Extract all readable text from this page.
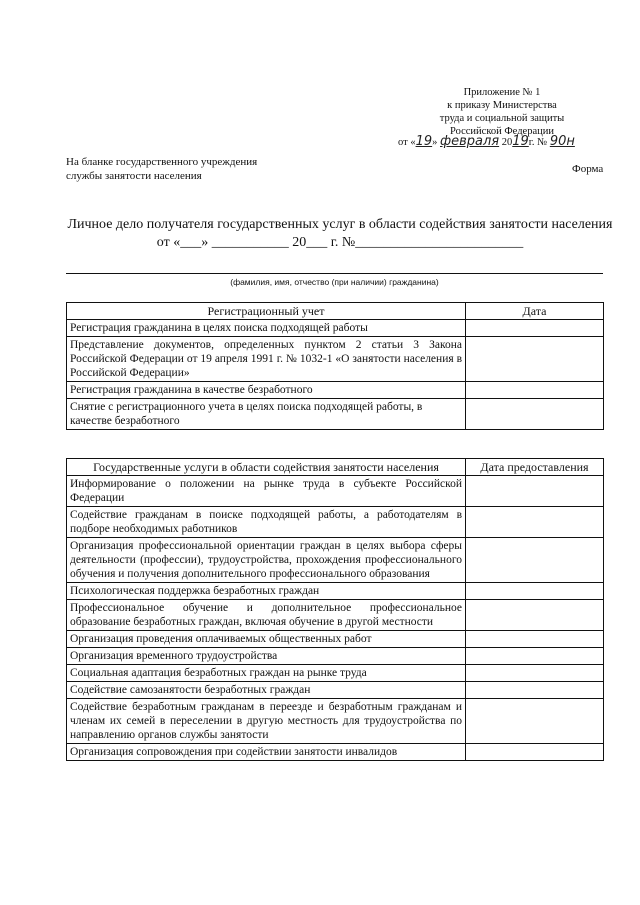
Приложение № 1
к приказу Министерства
труда и социальной защиты
Российской Федерации
от «19» февраля 2019г. № 90н
На бланке государственного учреждения службы занятости населения
Форма
Личное дело получателя государственных услуг в области содействия занятости населения
от «___» ___________ 20___ г. №________________________
(фамилия, имя, отчество (при наличии) гражданина)
Регистрационный учет	Дата
Регистрация гражданина в целях поиска подходящей работы	
Представление документов, определенных пунктом 2 статьи 3 Закона Российской Федерации от 19 апреля 1991 г. № 1032-1 «О занятости населения в Российской Федерации»	
Регистрация гражданина в качестве безработного	
Снятие с регистрационного учета в целях поиска подходящей работы, в качестве безработного	
Государственные услуги в области содействия занятости населения	Дата предоставления
Информирование о положении на рынке труда в субъекте Российской Федерации	
Содействие гражданам в поиске подходящей работы, а работодателям в подборе необходимых работников	
Организация профессиональной ориентации граждан в целях выбора сферы деятельности (профессии), трудоустройства, прохождения профессионального обучения и получения дополнительного профессионального образования	
Психологическая поддержка безработных граждан	
Профессиональное обучение и дополнительное профессиональное образование безработных граждан, включая обучение в другой местности	
Организация проведения оплачиваемых общественных работ	
Организация временного трудоустройства	
Социальная адаптация безработных граждан на рынке труда	
Содействие самозанятости безработных граждан	
Содействие безработным гражданам в переезде и безработным гражданам и членам их семей в переселении в другую местность для трудоустройства по направлению органов службы занятости	
Организация сопровождения при содействии занятости инвалидов	
